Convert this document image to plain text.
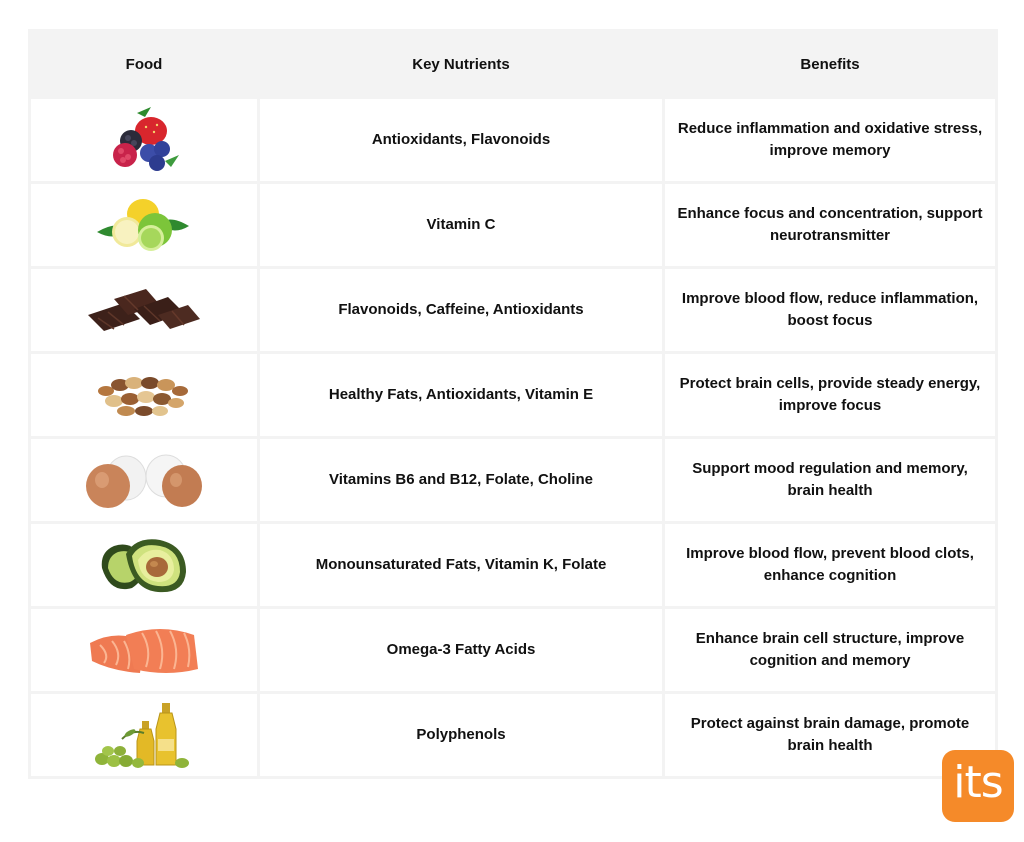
Food	Key Nutrients	Benefits

	Antioxidants, Flavonoids	Reduce inflammation and oxidative stress, improve memory

	Vitamin C	Enhance focus and concentration, support neurotransmitter

	Flavonoids, Caffeine, Antioxidants	Improve blood flow, reduce inflammation, boost focus

	Healthy Fats, Antioxidants, Vitamin E	Protect brain cells, provide steady energy, improve focus

	Vitamins B6 and B12, Folate, Choline	Support mood regulation and memory, brain health

	Monounsaturated Fats, Vitamin K, Folate	Improve blood flow, prevent blood clots, enhance cognition

	Omega-3 Fatty Acids	Enhance brain cell structure, improve cognition and memory

	Polyphenols	Protect against brain damage, promote brain health
its
